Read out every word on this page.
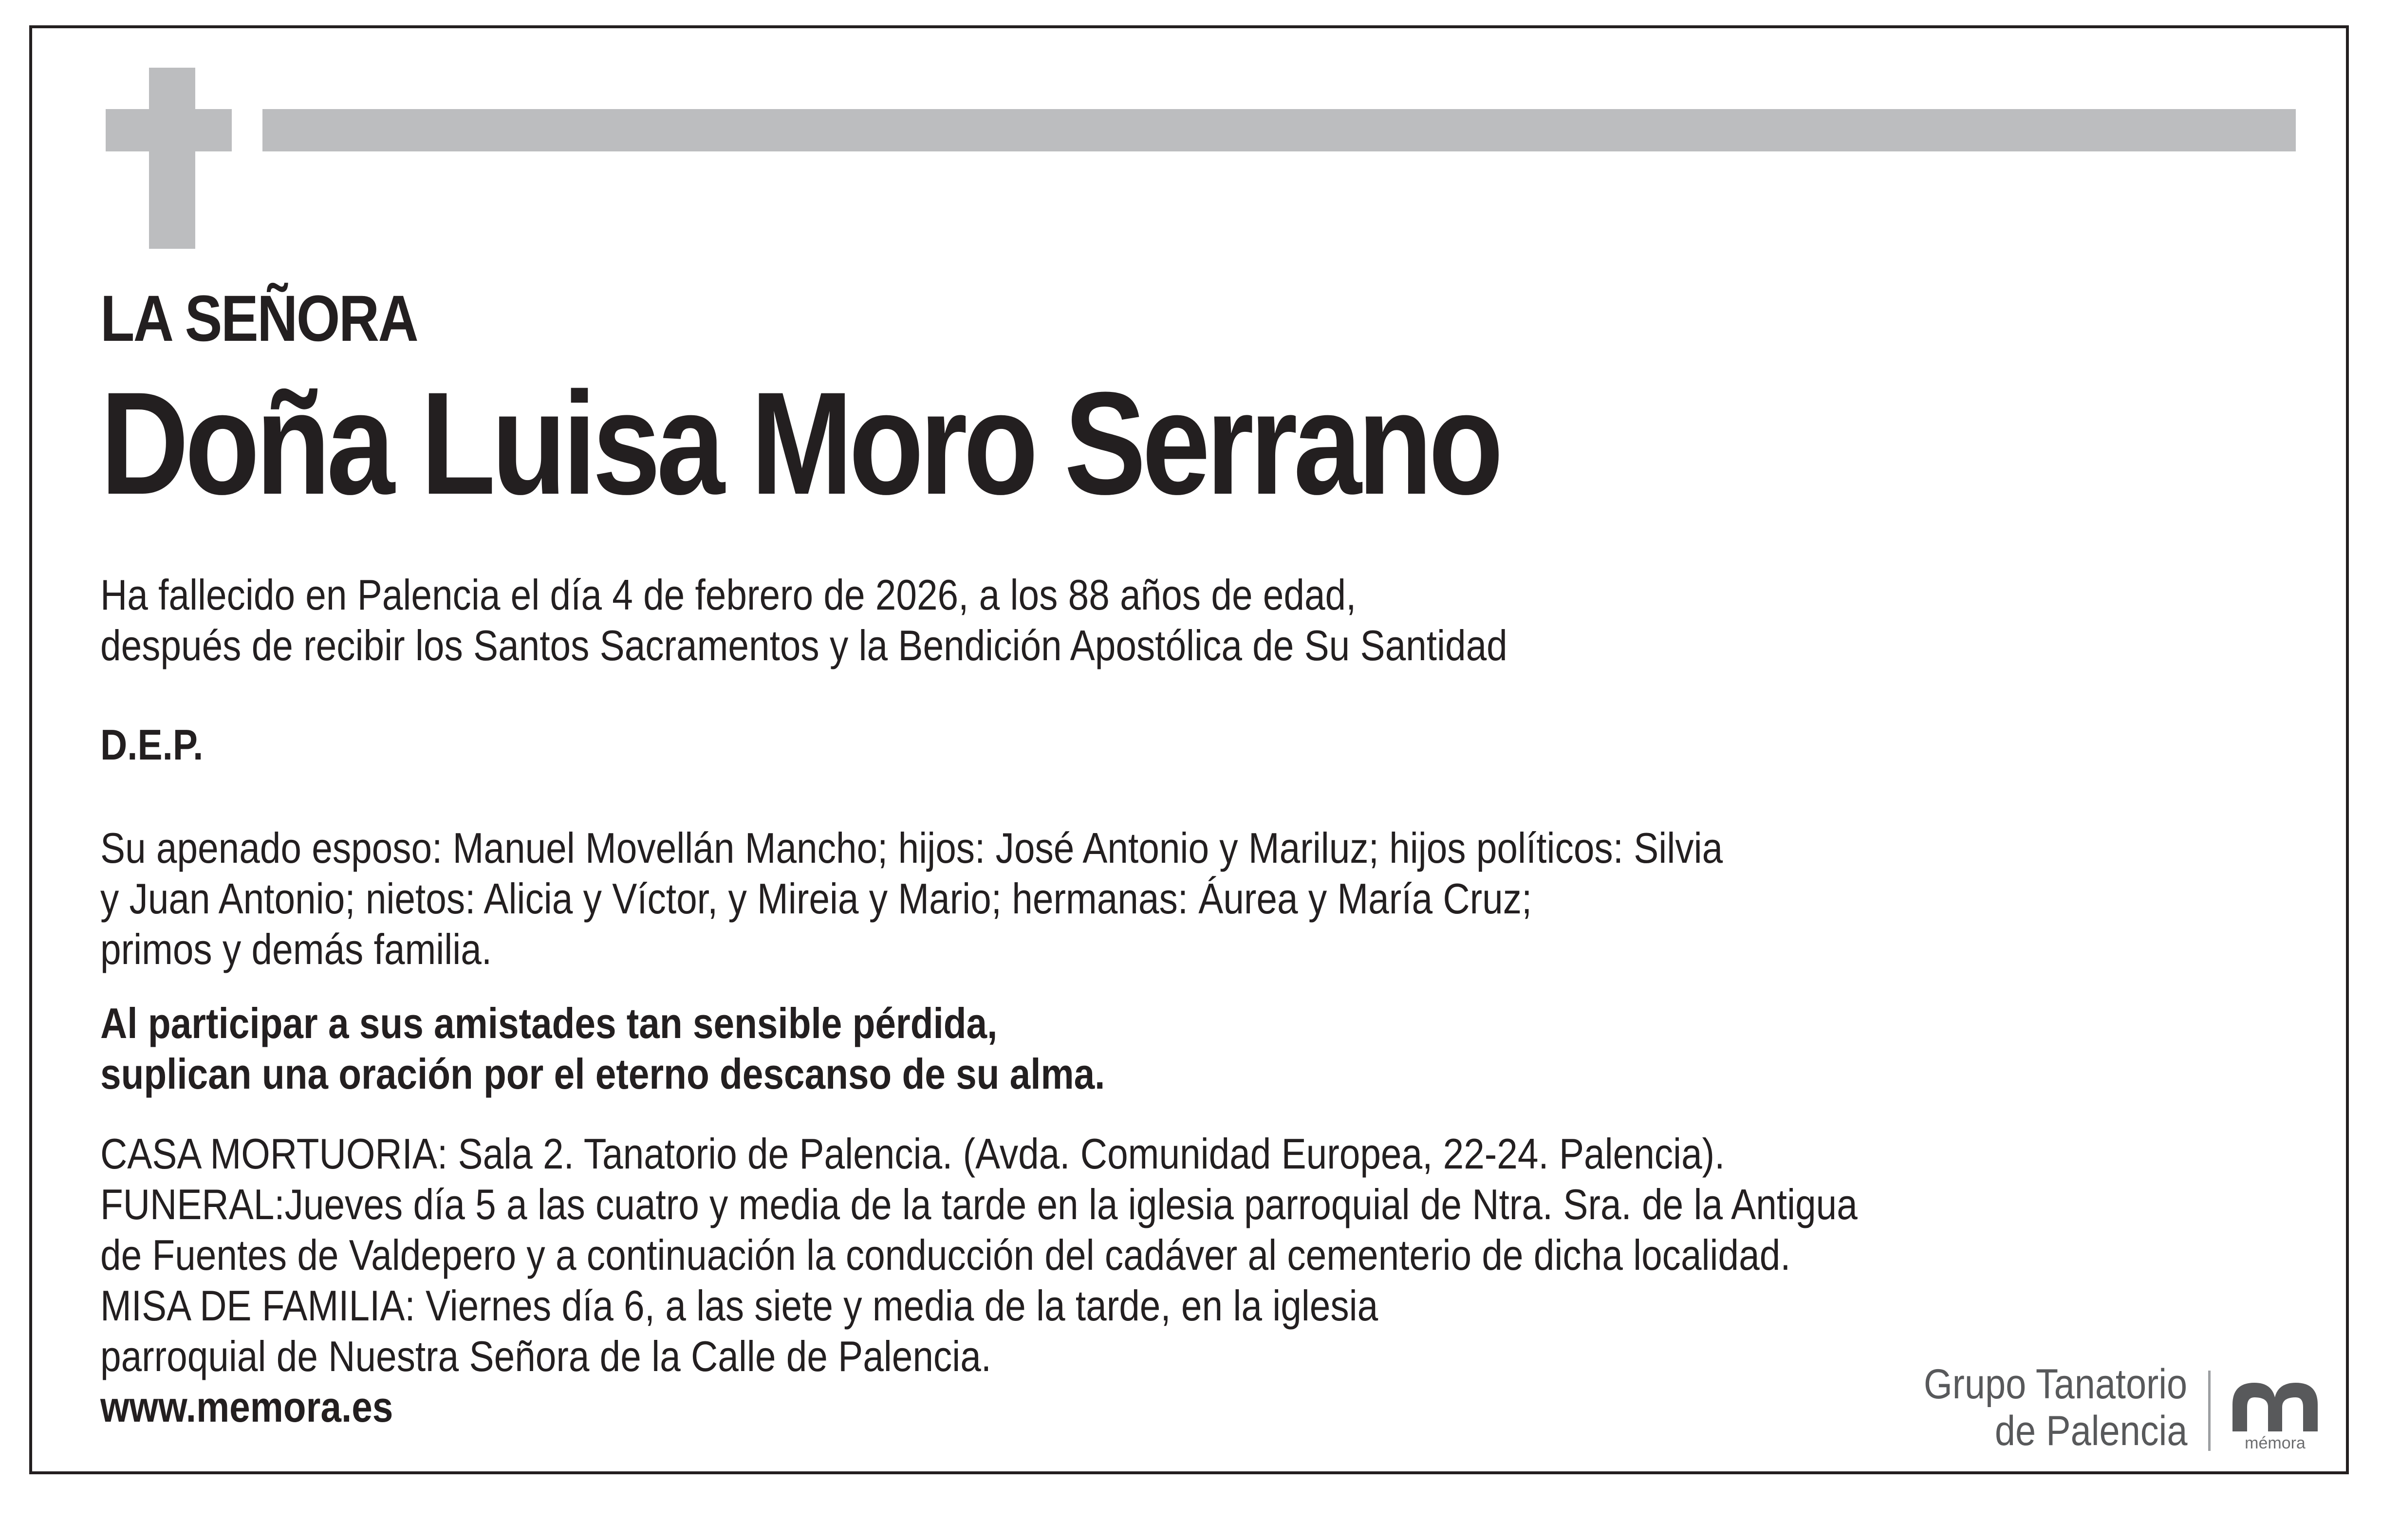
LA SEÑORA
Doña Luisa Moro Serrano
Ha fallecido en Palencia el día 4 de febrero de 2026, a los 88 años de edad,
después de recibir los Santos Sacramentos y la Bendición Apostólica de Su Santidad
D.E.P.
Su apenado esposo: Manuel Movellán Mancho; hijos: José Antonio y Mariluz; hijos políticos: Silvia
y Juan Antonio; nietos: Alicia y Víctor, y Mireia y Mario; hermanas: Áurea y María Cruz;
primos y demás familia.
Al participar a sus amistades tan sensible pérdida,
suplican una oración por el eterno descanso de su alma.
CASA MORTUORIA: Sala 2. Tanatorio de Palencia. (Avda. Comunidad Europea, 22-24. Palencia).
FUNERAL:Jueves día 5 a las cuatro y media de la tarde en la iglesia parroquial de Ntra. Sra. de la Antigua
de Fuentes de Valdepero y a continuación la conducción del cadáver al cementerio de dicha localidad.
MISA DE FAMILIA: Viernes día 6, a las siete y media de la tarde, en la iglesia
parroquial de Nuestra Señora de la Calle de Palencia.
www.memora.es	Grupo Tanatorio
de Palencia	mémora
